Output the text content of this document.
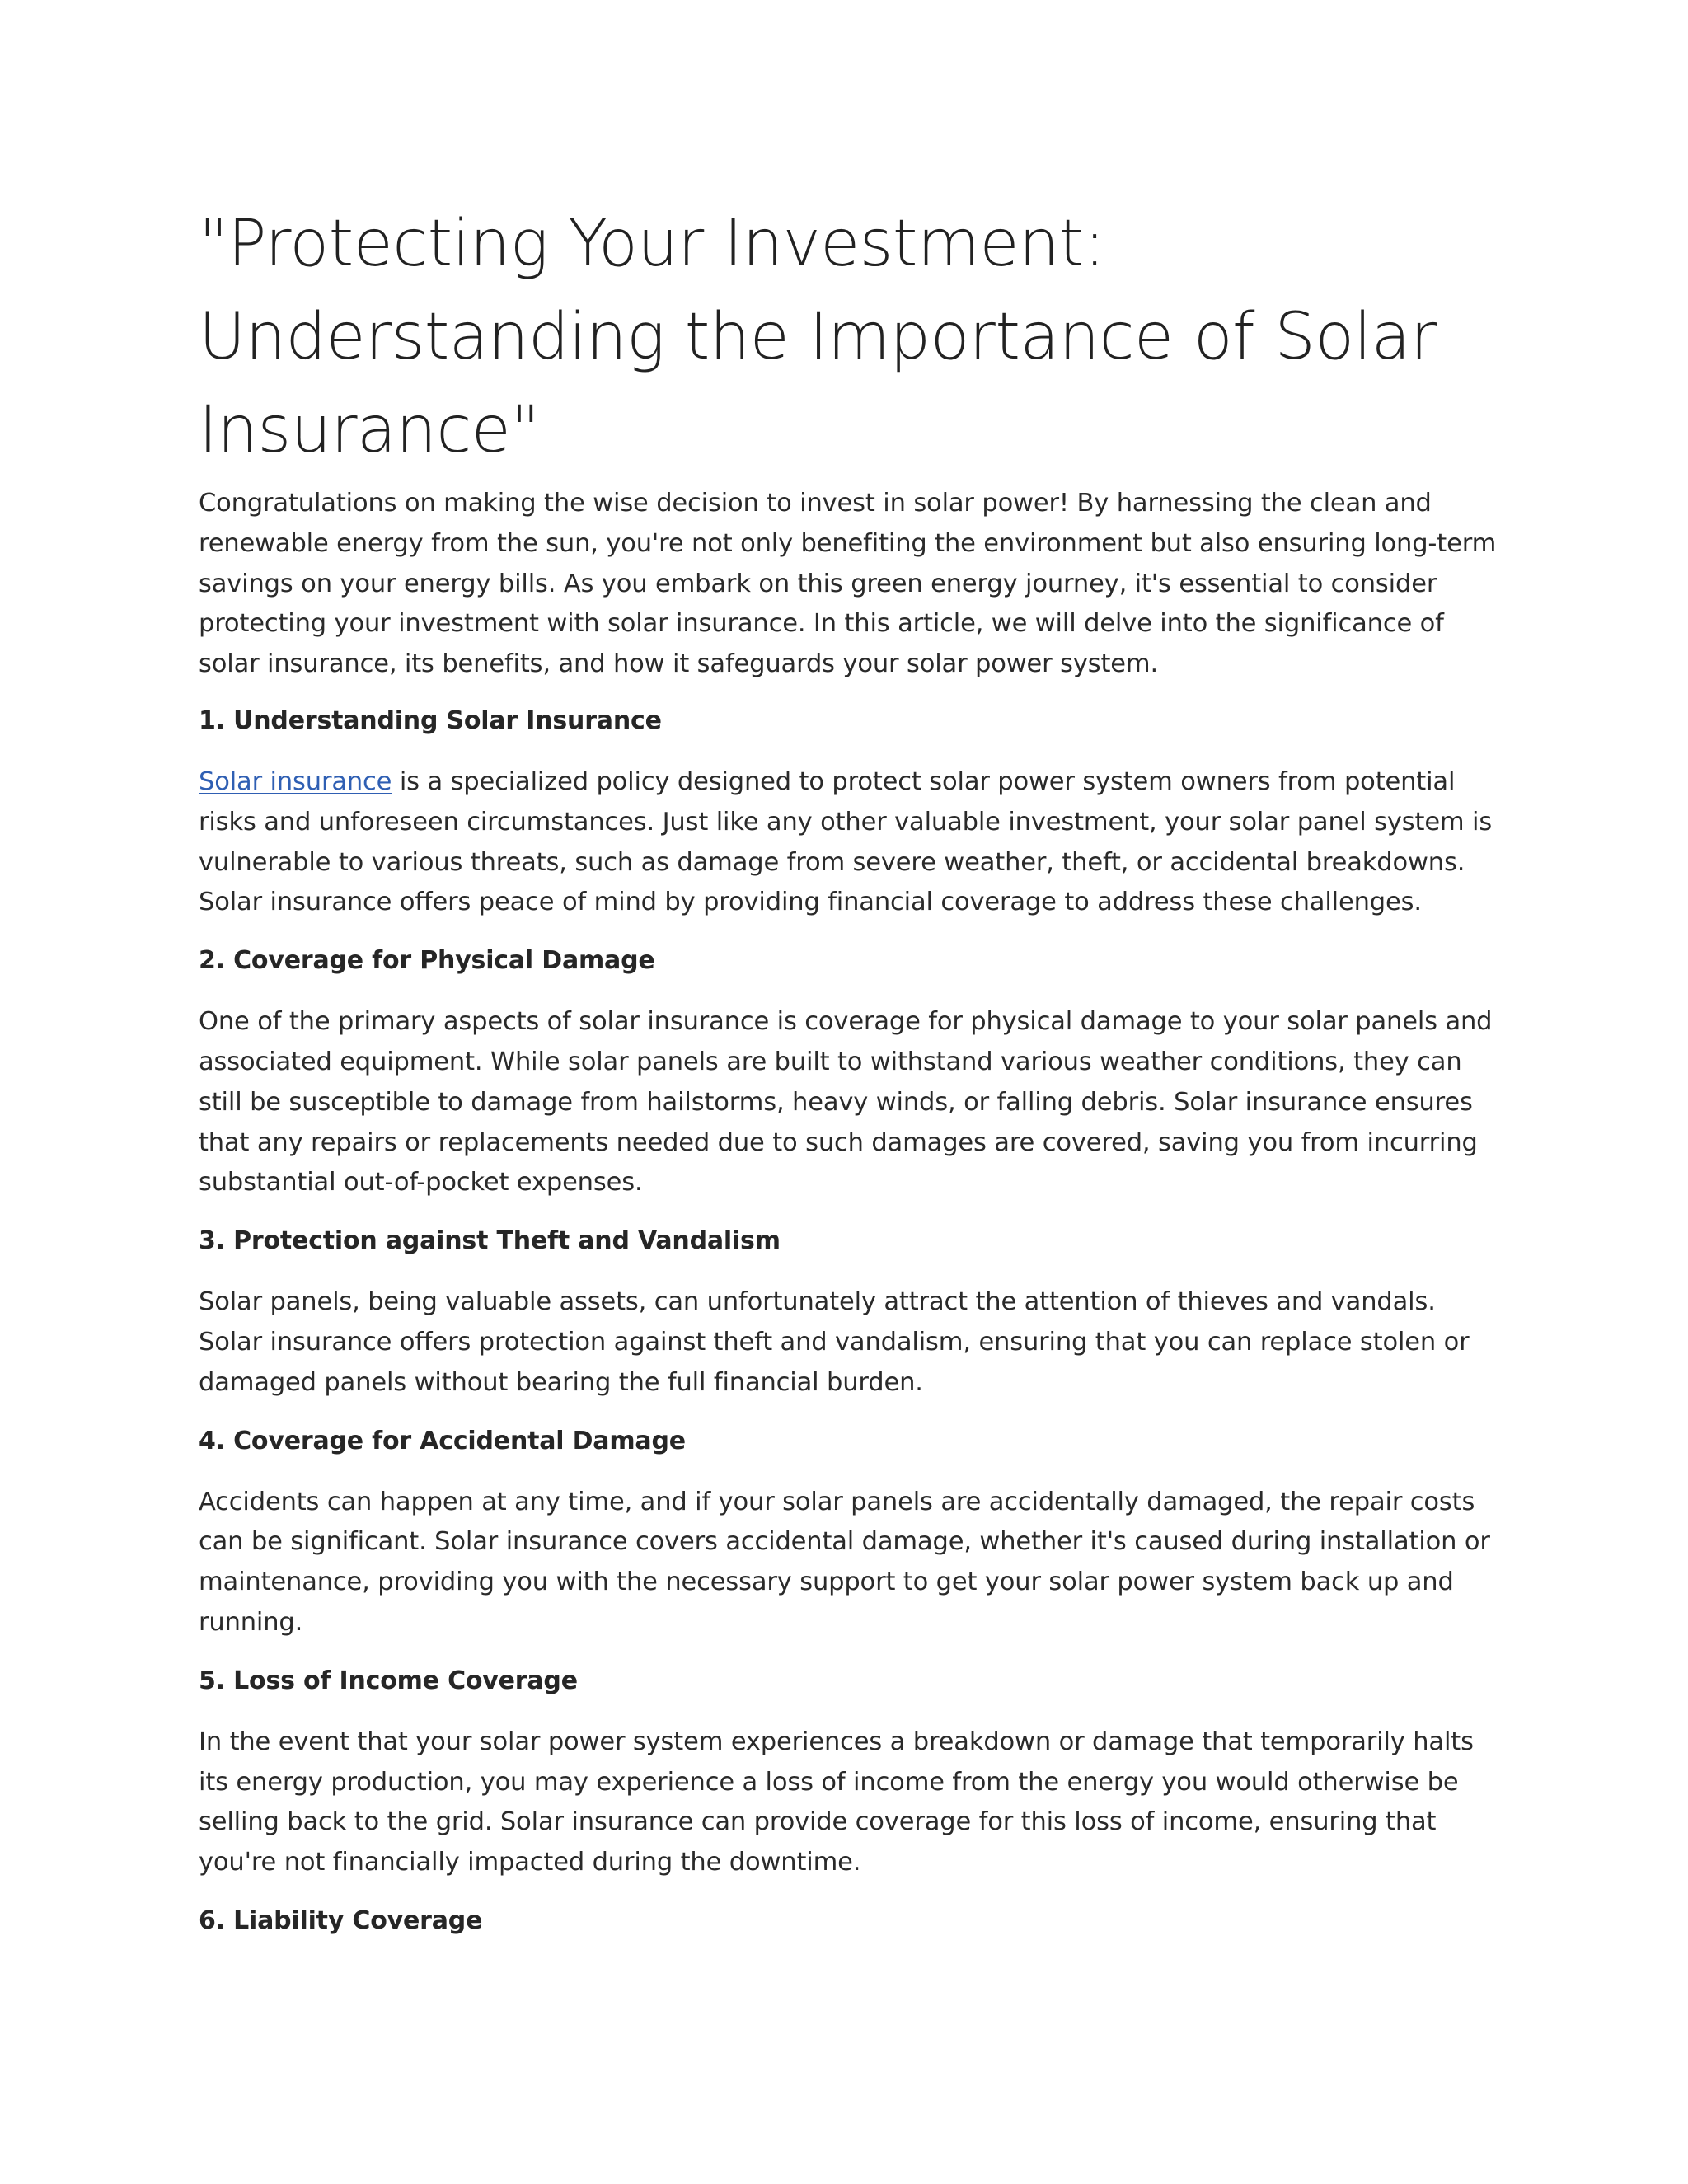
"Protecting Your Investment: Understanding the Importance of Solar Insurance"

Congratulations on making the wise decision to invest in solar power! By harnessing the clean and renewable energy from the sun, you're not only benefiting the environment but also ensuring long-term savings on your energy bills. As you embark on this green energy journey, it's essential to consider protecting your investment with solar insurance. In this article, we will delve into the significance of solar insurance, its benefits, and how it safeguards your solar power system.

1. Understanding Solar Insurance

Solar insurance is a specialized policy designed to protect solar power system owners from potential risks and unforeseen circumstances. Just like any other valuable investment, your solar panel system is vulnerable to various threats, such as damage from severe weather, theft, or accidental breakdowns. Solar insurance offers peace of mind by providing financial coverage to address these challenges.

2. Coverage for Physical Damage

One of the primary aspects of solar insurance is coverage for physical damage to your solar panels and associated equipment. While solar panels are built to withstand various weather conditions, they can still be susceptible to damage from hailstorms, heavy winds, or falling debris. Solar insurance ensures that any repairs or replacements needed due to such damages are covered, saving you from incurring substantial out-of-pocket expenses.

3. Protection against Theft and Vandalism

Solar panels, being valuable assets, can unfortunately attract the attention of thieves and vandals. Solar insurance offers protection against theft and vandalism, ensuring that you can replace stolen or damaged panels without bearing the full financial burden.

4. Coverage for Accidental Damage

Accidents can happen at any time, and if your solar panels are accidentally damaged, the repair costs can be significant. Solar insurance covers accidental damage, whether it's caused during installation or maintenance, providing you with the necessary support to get your solar power system back up and running.

5. Loss of Income Coverage

In the event that your solar power system experiences a breakdown or damage that temporarily halts its energy production, you may experience a loss of income from the energy you would otherwise be selling back to the grid. Solar insurance can provide coverage for this loss of income, ensuring that you're not financially impacted during the downtime.

6. Liability Coverage
